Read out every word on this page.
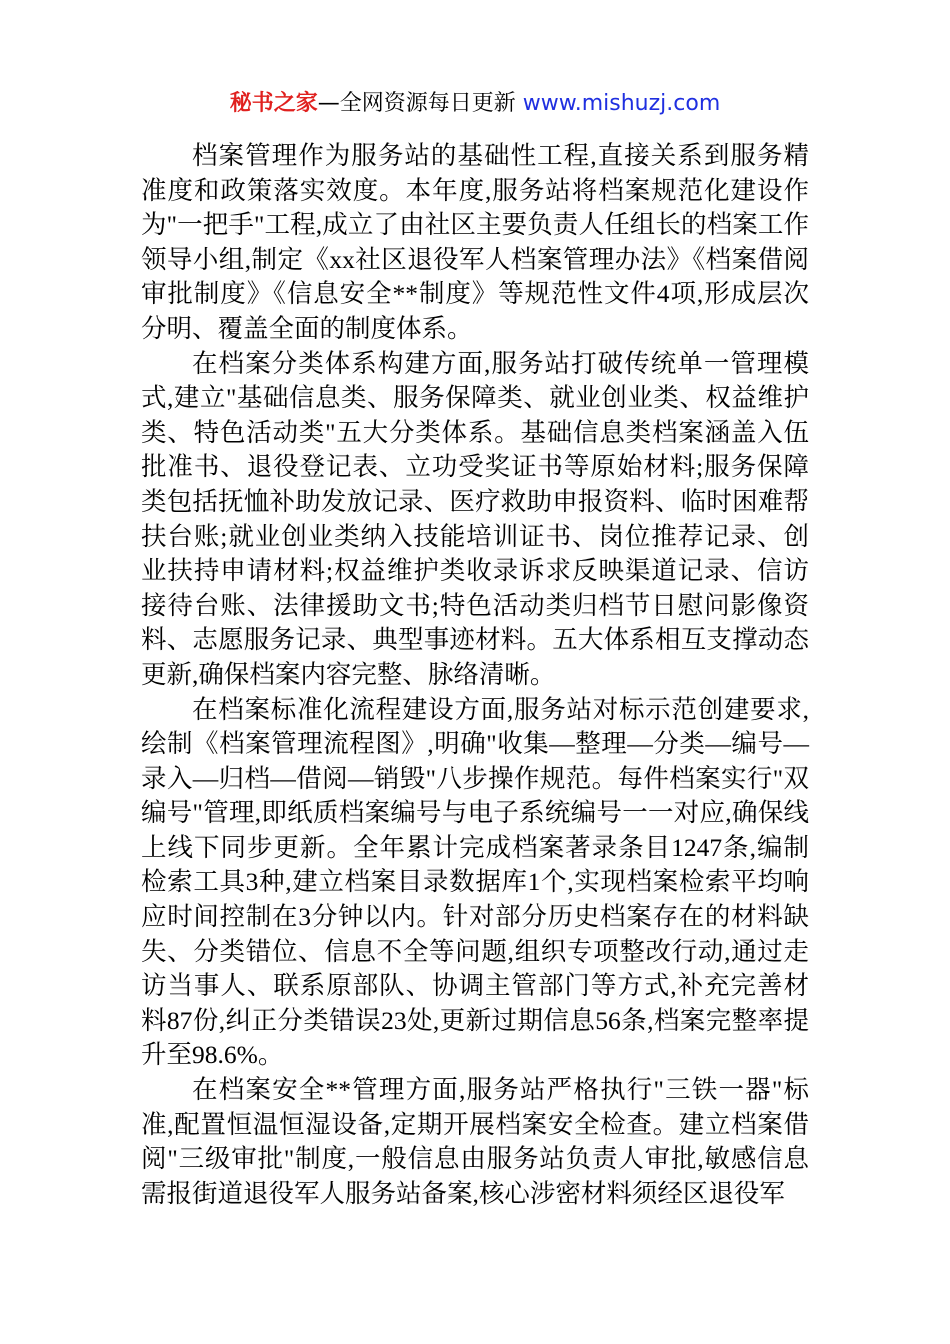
秘书之家—全网资源每日更新 www.mishuzj.com

档案管理作为服务站的基础性工程,直接关系到服务精准度和政策落实效度。本年度,服务站将档案规范化建设作为"一把手"工程,成立了由社区主要负责人任组长的档案工作领导小组,制定《xx社区退役军人档案管理办法》《档案借阅审批制度》《信息安全**制度》等规范性文件4项,形成层次分明、覆盖全面的制度体系。

在档案分类体系构建方面,服务站打破传统单一管理模式,建立"基础信息类、服务保障类、就业创业类、权益维护类、特色活动类"五大分类体系。基础信息类档案涵盖入伍批准书、退役登记表、立功受奖证书等原始材料;服务保障类包括抚恤补助发放记录、医疗救助申报资料、临时困难帮扶台账;就业创业类纳入技能培训证书、岗位推荐记录、创业扶持申请材料;权益维护类收录诉求反映渠道记录、信访接待台账、法律援助文书;特色活动类归档节日慰问影像资料、志愿服务记录、典型事迹材料。五大体系相互支撑动态更新,确保档案内容完整、脉络清晰。

在档案标准化流程建设方面,服务站对标示范创建要求,绘制《档案管理流程图》,明确"收集—整理—分类—编号—录入—归档—借阅—销毁"八步操作规范。每件档案实行"双编号"管理,即纸质档案编号与电子系统编号一一对应,确保线上线下同步更新。全年累计完成档案著录条目1247条,编制检索工具3种,建立档案目录数据库1个,实现档案检索平均响应时间控制在3分钟以内。针对部分历史档案存在的材料缺失、分类错位、信息不全等问题,组织专项整改行动,通过走访当事人、联系原部队、协调主管部门等方式,补充完善材料87份,纠正分类错误23处,更新过期信息56条,档案完整率提升至98.6%。

在档案安全**管理方面,服务站严格执行"三铁一器"标准,配置恒温恒湿设备,定期开展档案安全检查。建立档案借阅"三级审批"制度,一般信息由服务站负责人审批,敏感信息需报街道退役军人服务站备案,核心涉密材料须经区退役军
